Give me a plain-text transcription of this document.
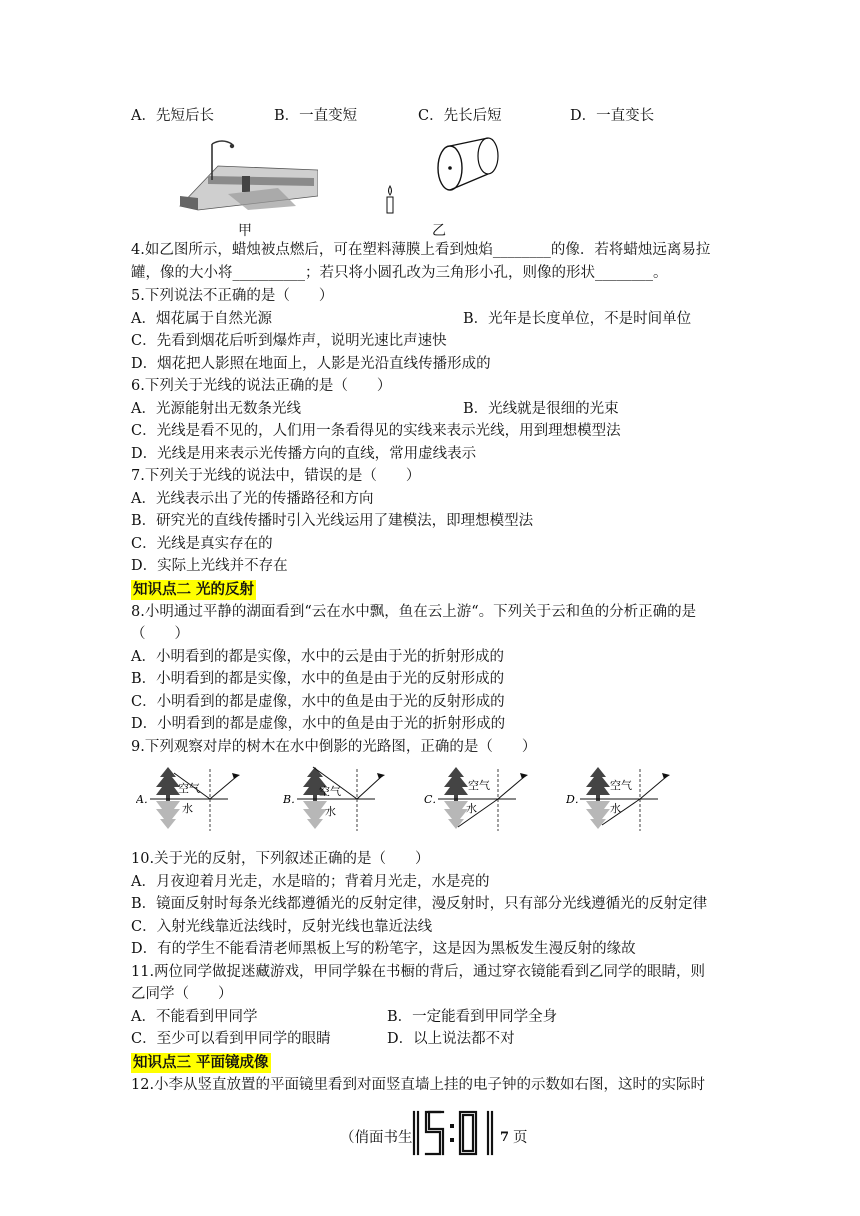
A．先短后长	B．一直变短	C．先长后短	D．一直变长
甲	乙
4.如乙图所示，蜡烛被点燃后，可在塑料薄膜上看到烛焰________的像．若将蜡烛远离易拉
罐，像的大小将__________；若只将小圆孔改为三角形小孔，则像的形状________。
5.下列说法不正确的是（　　）
A．烟花属于自然光源	B．光年是长度单位，不是时间单位
C．先看到烟花后听到爆炸声，说明光速比声速快
D．烟花把人影照在地面上，人影是光沿直线传播形成的
6.下列关于光线的说法正确的是（　　）
A．光源能射出无数条光线	B．光线就是很细的光束
C．光线是看不见的，人们用一条看得见的实线来表示光线，用到理想模型法
D．光线是用来表示光传播方向的直线，常用虚线表示
7.下列关于光线的说法中，错误的是（　　）
A．光线表示出了光的传播路径和方向
B．研究光的直线传播时引入光线运用了建模法，即理想模型法
C．光线是真实存在的
D．实际上光线并不存在
知识点二 光的反射
8.小明通过平静的湖面看到“云在水中飘，鱼在云上游“。下列关于云和鱼的分析正确的是
（　　）
A．小明看到的都是实像，水中的云是由于光的折射形成的
B．小明看到的都是实像，水中的鱼是由于光的反射形成的
C．小明看到的都是虚像，水中的鱼是由于光的反射形成的
D．小明看到的都是虚像，水中的鱼是由于光的折射形成的
9.下列观察对岸的树木在水中倒影的光路图，正确的是（　　）
A．
空气
水
B．
空气
水
C．
空气
水
D．
空气
水
10.关于光的反射，下列叙述正确的是（　　）
A．月夜迎着月光走，水是暗的；背着月光走，水是亮的
B．镜面反射时每条光线都遵循光的反射定律，漫反射时，只有部分光线遵循光的反射定律
C．入射光线靠近法线时，反射光线也靠近法线
D．有的学生不能看清老师黑板上写的粉笔字，这是因为黑板发生漫反射的缘故
11.两位同学做捉迷藏游戏，甲同学躲在书橱的背后，通过穿衣镜能看到乙同学的眼睛，则
乙同学（　　）
A．不能看到甲同学	B．一定能看到甲同学全身
C．至少可以看到甲同学的眼睛	D．以上说法都不对
知识点三 平面镜成像
12.小李从竖直放置的平面镜里看到对面竖直墙上挂的电子钟的示数如右图，这时的实际时
（俏面书生	7 页
